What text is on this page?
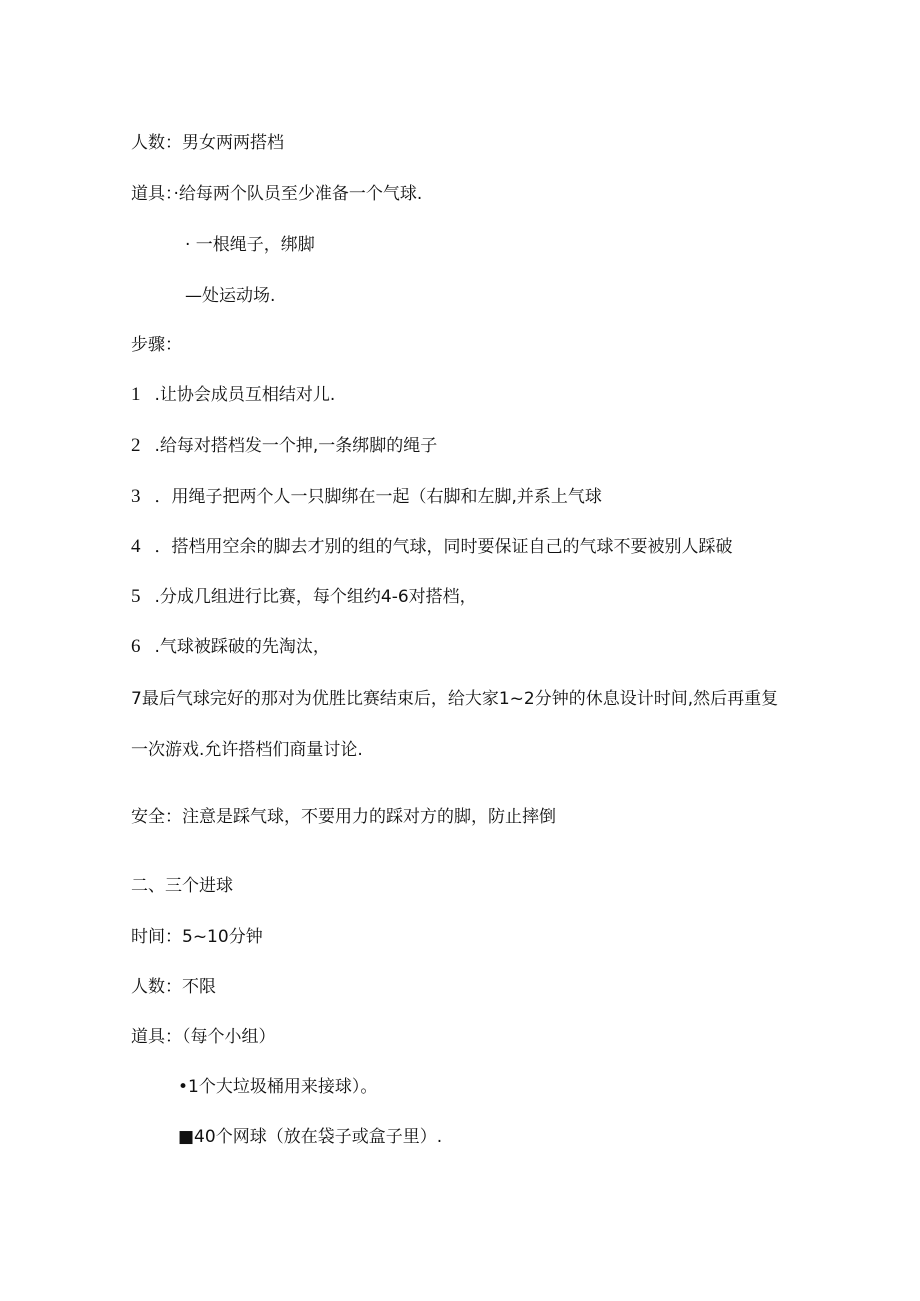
人数：男女两两搭档
道具：·给每两个队员至少准备一个气球.
· 一根绳子，绑脚
—处运动场.
步骤：
1 .让协会成员互相结对儿.
2 .给每对搭档发一个抻,一条绑脚的绳子
3 ．用绳子把两个人一只脚绑在一起（右脚和左脚,并系上气球
4 ．搭档用空余的脚去才别的组的气球，同时要保证自己的气球不要被别人踩破
5 .分成几组进行比赛，每个组约4-6对搭档，
6 .气球被踩破的先淘汰，
7最后气球完好的那对为优胜比赛结束后，给大家1~2分钟的休息设计时间,然后再重复
一次游戏.允许搭档们商量讨论.
安全：注意是踩气球，不要用力的踩对方的脚，防止摔倒
二、三个进球
时间：5~10分钟
人数：不限
道具：（每个小组）
•1个大垃圾桶用来接球）。
■40个网球（放在袋子或盒子里）.
